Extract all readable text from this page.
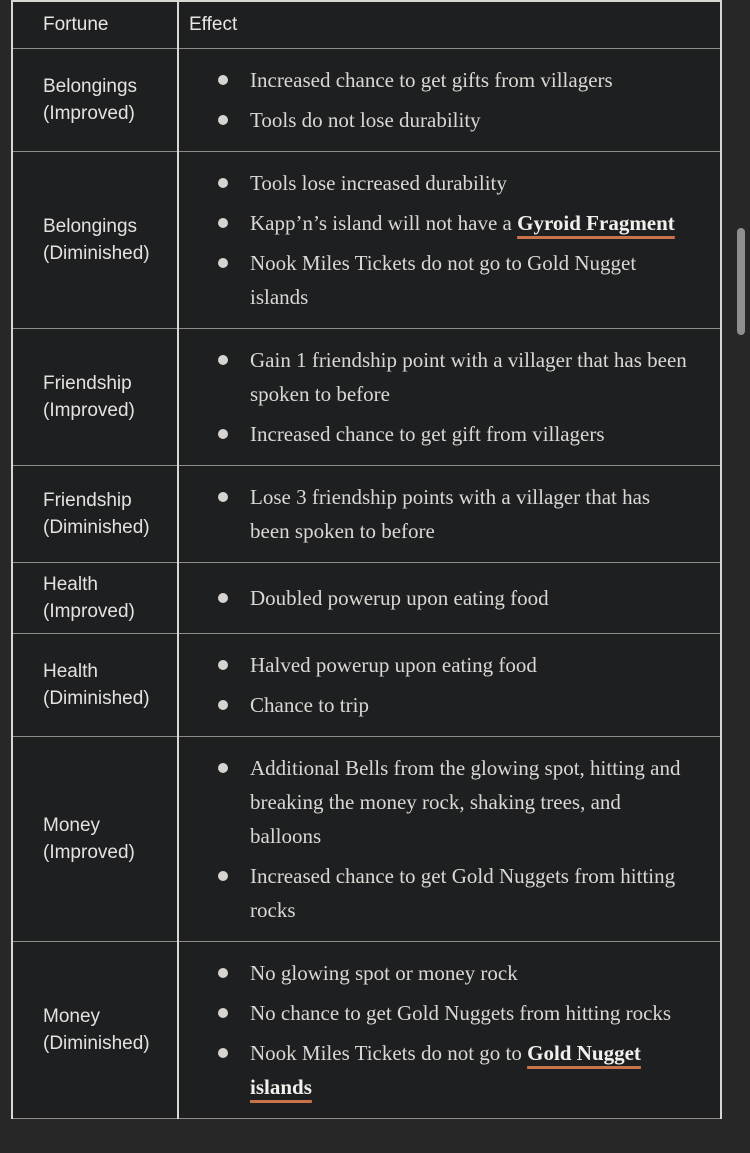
Fortune	Effect
Belongings (Improved)	
Increased chance to get gifts from villagers
Tools do not lose durability

Belongings (Diminished)	
Tools lose increased durability
Kapp’n’s island will not have a Gyroid Fragment
Nook Miles Tickets do not go to Gold Nugget islands

Friendship (Improved)	
Gain 1 friendship point with a villager that has been spoken to before
Increased chance to get gift from villagers

Friendship (Diminished)	
Lose 3 friendship points with a villager that has been spoken to before

Health (Improved)	
Doubled powerup upon eating food

Health (Diminished)	
Halved powerup upon eating food
Chance to trip

Money (Improved)	
Additional Bells from the glowing spot, hitting and breaking the money rock, shaking trees, and balloons
Increased chance to get Gold Nuggets from hitting rocks

Money (Diminished)	
No glowing spot or money rock
No chance to get Gold Nuggets from hitting rocks
Nook Miles Tickets do not go to Gold Nugget islands
